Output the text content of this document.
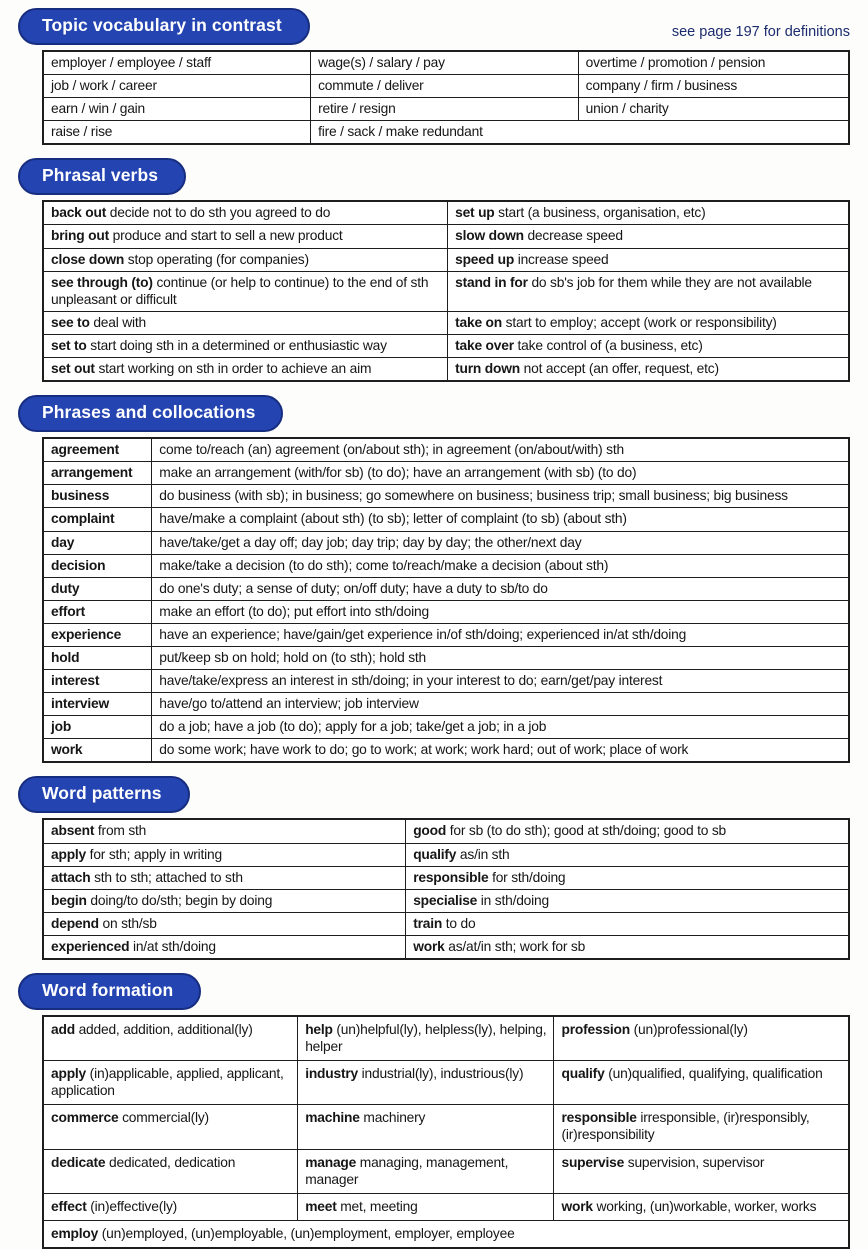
Topic vocabulary in contrast	see page 197 for definitions
employer / employee / staff	wage(s) / salary / pay	overtime / promotion / pension
job / work / career	commute / deliver	company / firm / business
earn / win / gain	retire / resign	union / charity
raise / rise	fire / sack / make redundant	
Phrasal verbs
back out decide not to do sth you agreed to do	set up start (a business, organisation, etc)
bring out produce and start to sell a new product	slow down decrease speed
close down stop operating (for companies)	speed up increase speed
see through (to) continue (or help to continue) to the end of sth unpleasant or difficult	stand in for do sb's job for them while they are not available
see to deal with	take on start to employ; accept (work or responsibility)
set to start doing sth in a determined or enthusiastic way	take over take control of (a business, etc)
set out start working on sth in order to achieve an aim	turn down not accept (an offer, request, etc)
Phrases and collocations
agreement	come to/reach (an) agreement (on/about sth); in agreement (on/about/with) sth
arrangement	make an arrangement (with/for sb) (to do); have an arrangement (with sb) (to do)
business	do business (with sb); in business; go somewhere on business; business trip; small business; big business
complaint	have/make a complaint (about sth) (to sb); letter of complaint (to sb) (about sth)
day	have/take/get a day off; day job; day trip; day by day; the other/next day
decision	make/take a decision (to do sth); come to/reach/make a decision (about sth)
duty	do one's duty; a sense of duty; on/off duty; have a duty to sb/to do
effort	make an effort (to do); put effort into sth/doing
experience	have an experience; have/gain/get experience in/of sth/doing; experienced in/at sth/doing
hold	put/keep sb on hold; hold on (to sth); hold sth
interest	have/take/express an interest in sth/doing; in your interest to do; earn/get/pay interest
interview	have/go to/attend an interview; job interview
job	do a job; have a job (to do); apply for a job; take/get a job; in a job
work	do some work; have work to do; go to work; at work; work hard; out of work; place of work
Word patterns
absent from sth	good for sb (to do sth); good at sth/doing; good to sb
apply for sth; apply in writing	qualify as/in sth
attach sth to sth; attached to sth	responsible for sth/doing
begin doing/to do/sth; begin by doing	specialise in sth/doing
depend on sth/sb	train to do
experienced in/at sth/doing	work as/at/in sth; work for sb
Word formation
add added, addition, additional(ly)	help (un)helpful(ly), helpless(ly), helping, helper	profession (un)professional(ly)
apply (in)applicable, applied, applicant, application	industry industrial(ly), industrious(ly)	qualify (un)qualified, qualifying, qualification
commerce commercial(ly)	machine machinery	responsible irresponsible, (ir)responsibly, (ir)responsibility
dedicate dedicated, dedication	manage managing, management, manager	supervise supervision, supervisor
effect (in)effective(ly)	meet met, meeting	work working, (un)workable, worker, works
employ (un)employed, (un)employable, (un)employment, employer, employee		
